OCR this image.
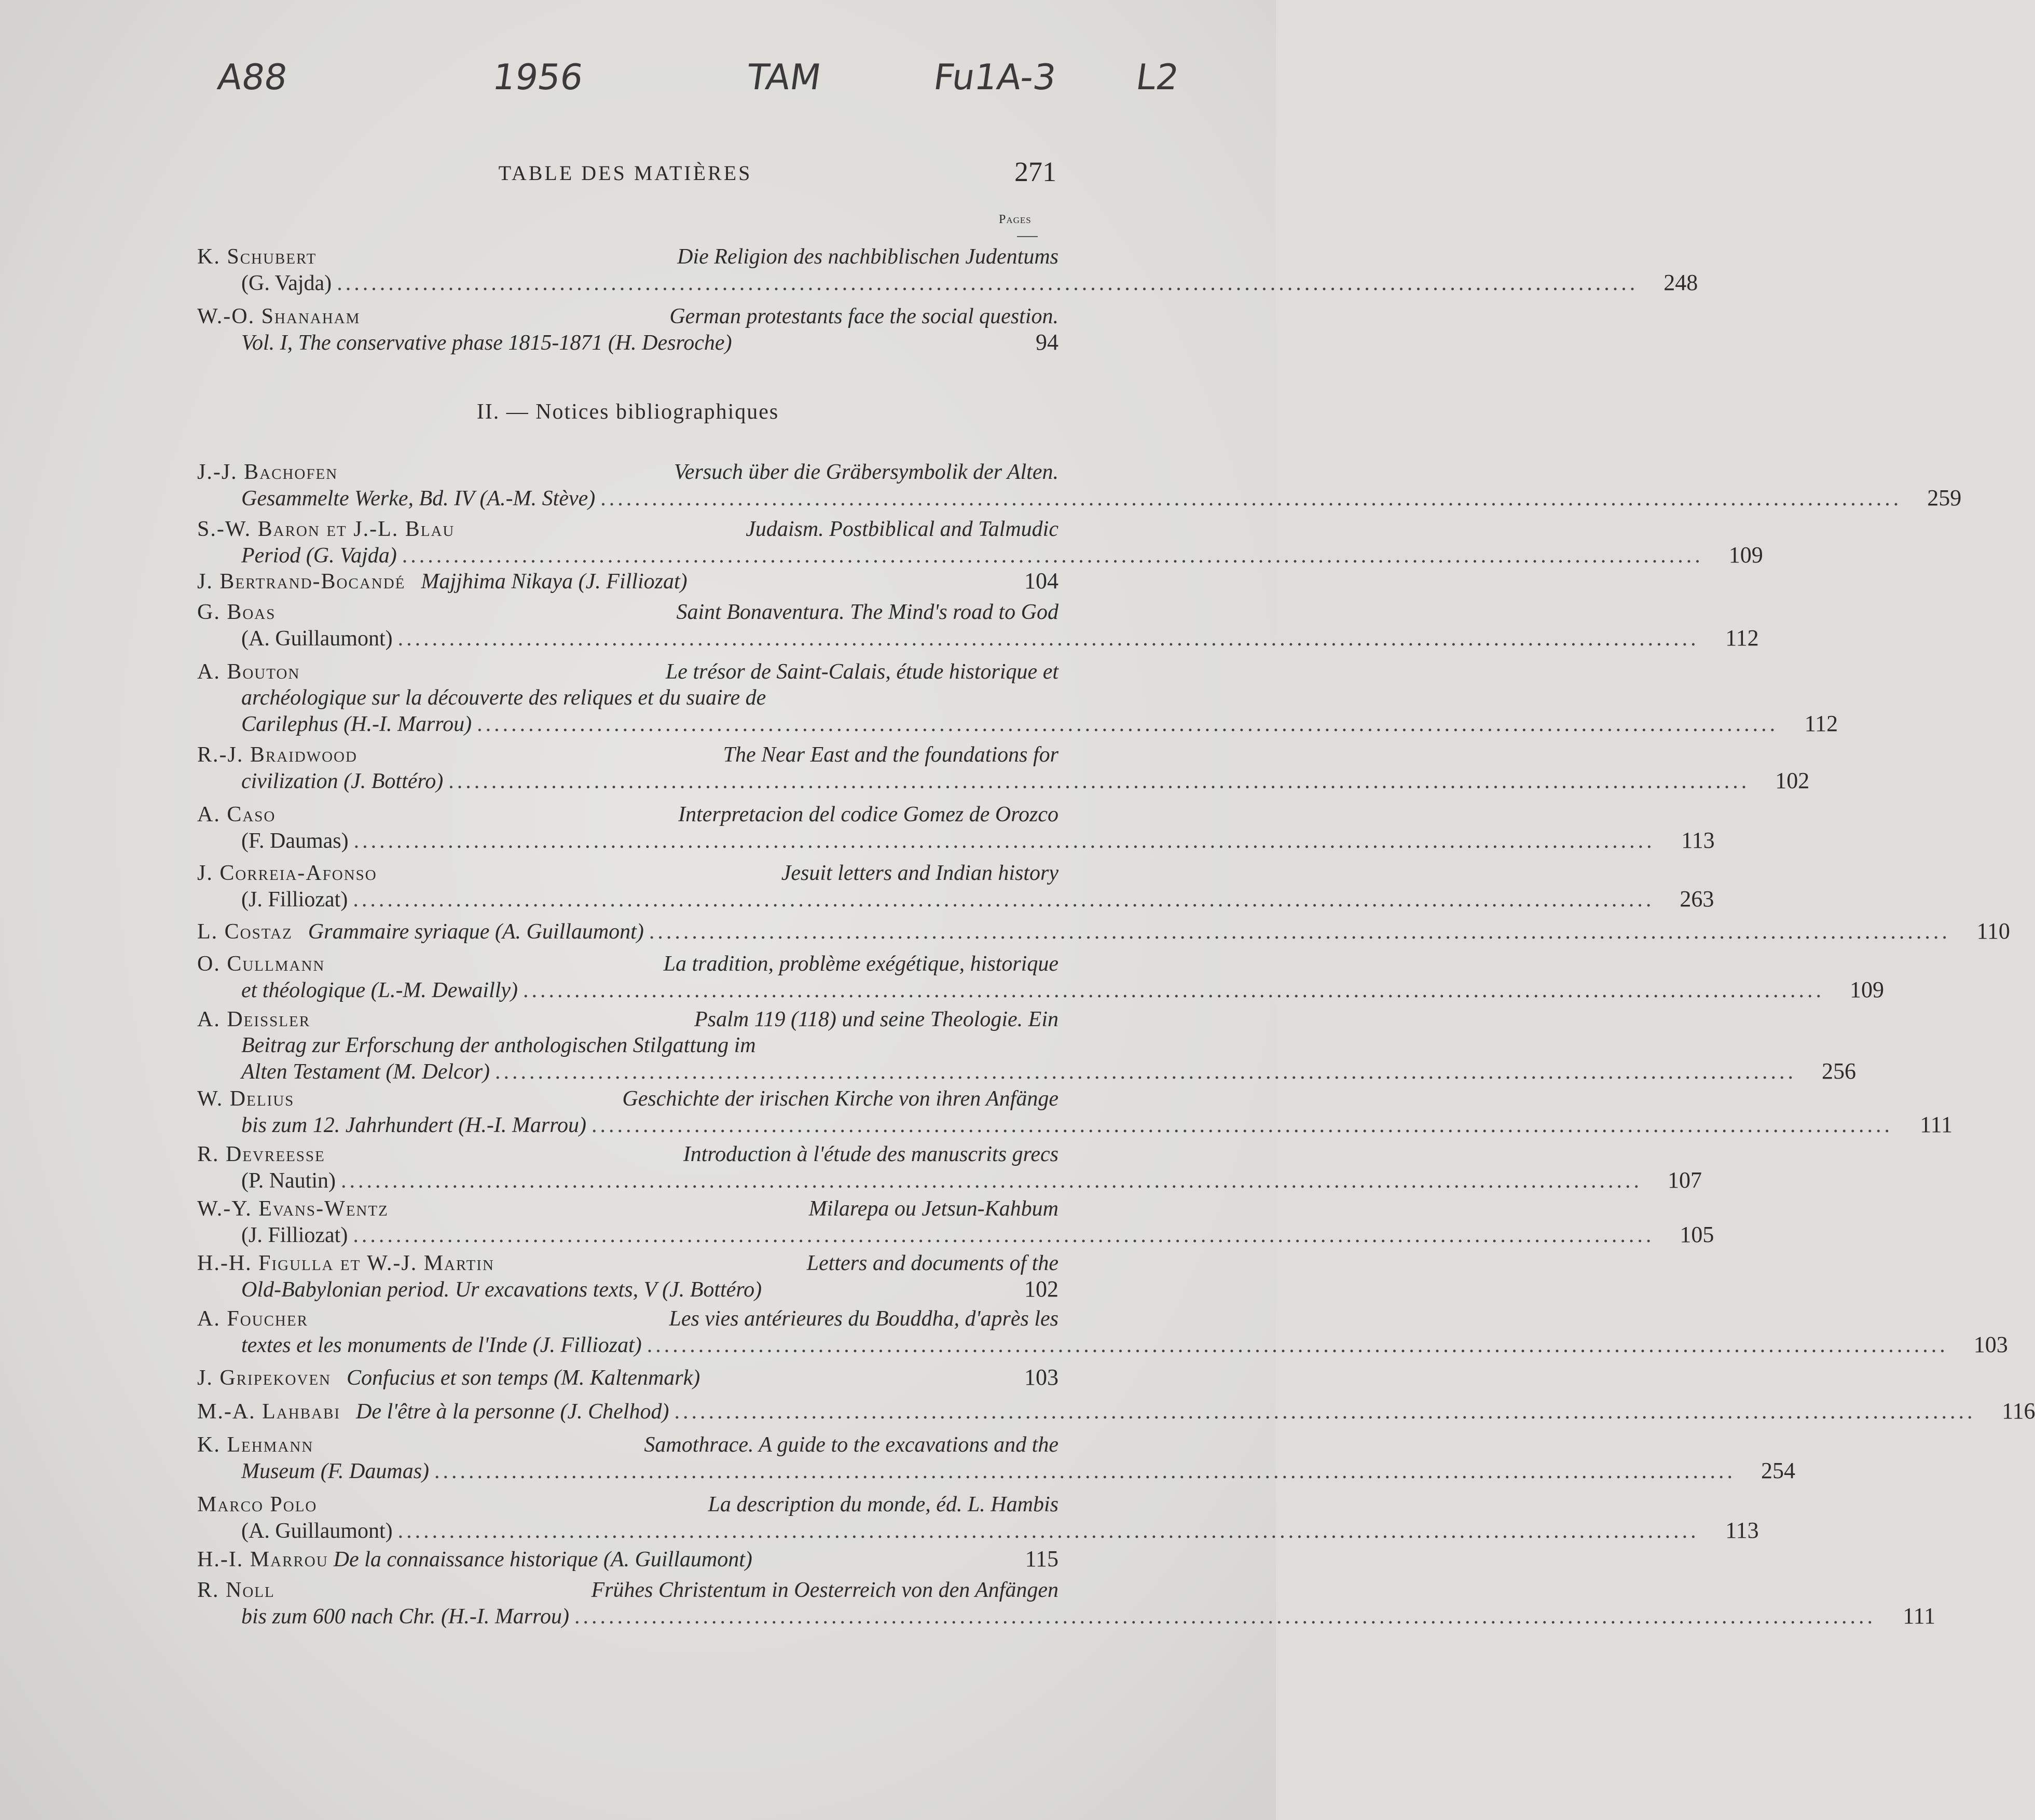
A88	1956	TAM	Fu1A-3 L2
TABLE DES MATIÈRES	271
Pages
K. Schubert	Die Religion des nachbiblischen Judentums
(G. Vajda) ........................................................................................................................................................	248
W.-O. Shanaham	German protestants face the social question.
Vol. I, The conservative phase 1815-1871 (H. Desroche)	94
II. — Notices bibliographiques
J.-J. Bachofen	Versuch über die Gräbersymbolik der Alten.
Gesammelte Werke, Bd. IV (A.-M. Stève) ........................................................................................................................................................	259
S.-W. Baron et J.-L. Blau	Judaism. Postbiblical and Talmudic
Period (G. Vajda) ........................................................................................................................................................	109
J. Bertrand-Bocandé Majjhima Nikaya (J. Filliozat)	104
G. Boas	Saint Bonaventura. The Mind's road to God
(A. Guillaumont) ........................................................................................................................................................	112
A. Bouton	Le trésor de Saint-Calais, étude historique et
archéologique sur la découverte des reliques et du suaire de
Carilephus (H.-I. Marrou) ........................................................................................................................................................	112
R.-J. Braidwood	The Near East and the foundations for
civilization (J. Bottéro) ........................................................................................................................................................	102
A. Caso	Interpretacion del codice Gomez de Orozco
(F. Daumas) ........................................................................................................................................................	113
J. Correia-Afonso	Jesuit letters and Indian history
(J. Filliozat) ........................................................................................................................................................	263
L. Costaz Grammaire syriaque (A. Guillaumont) ........................................................................................................................................................	110
O. Cullmann	La tradition, problème exégétique, historique
et théologique (L.-M. Dewailly) ........................................................................................................................................................	109
A. Deissler	Psalm 119 (118) und seine Theologie. Ein
Beitrag zur Erforschung der anthologischen Stilgattung im
Alten Testament (M. Delcor) ........................................................................................................................................................	256
W. Delius	Geschichte der irischen Kirche von ihren Anfänge
bis zum 12. Jahrhundert (H.-I. Marrou) ........................................................................................................................................................	111
R. Devreesse	Introduction à l'étude des manuscrits grecs
(P. Nautin) ........................................................................................................................................................	107
W.-Y. Evans-Wentz	Milarepa ou Jetsun-Kahbum
(J. Filliozat) ........................................................................................................................................................	105
H.-H. Figulla et W.-J. Martin	Letters and documents of the
Old-Babylonian period. Ur excavations texts, V (J. Bottéro)	102
A. Foucher	Les vies antérieures du Bouddha, d'après les
textes et les monuments de l'Inde (J. Filliozat) ........................................................................................................................................................	103
J. Gripekoven Confucius et son temps (M. Kaltenmark)	103
M.-A. Lahbabi De l'être à la personne (J. Chelhod) ........................................................................................................................................................	116
K. Lehmann	Samothrace. A guide to the excavations and the
Museum (F. Daumas) ........................................................................................................................................................	254
Marco Polo	La description du monde, éd. L. Hambis
(A. Guillaumont) ........................................................................................................................................................	113
H.-I. Marrou De la connaissance historique (A. Guillaumont)	115
R. Noll	Frühes Christentum in Oesterreich von den Anfängen
bis zum 600 nach Chr. (H.-I. Marrou) ........................................................................................................................................................	111
